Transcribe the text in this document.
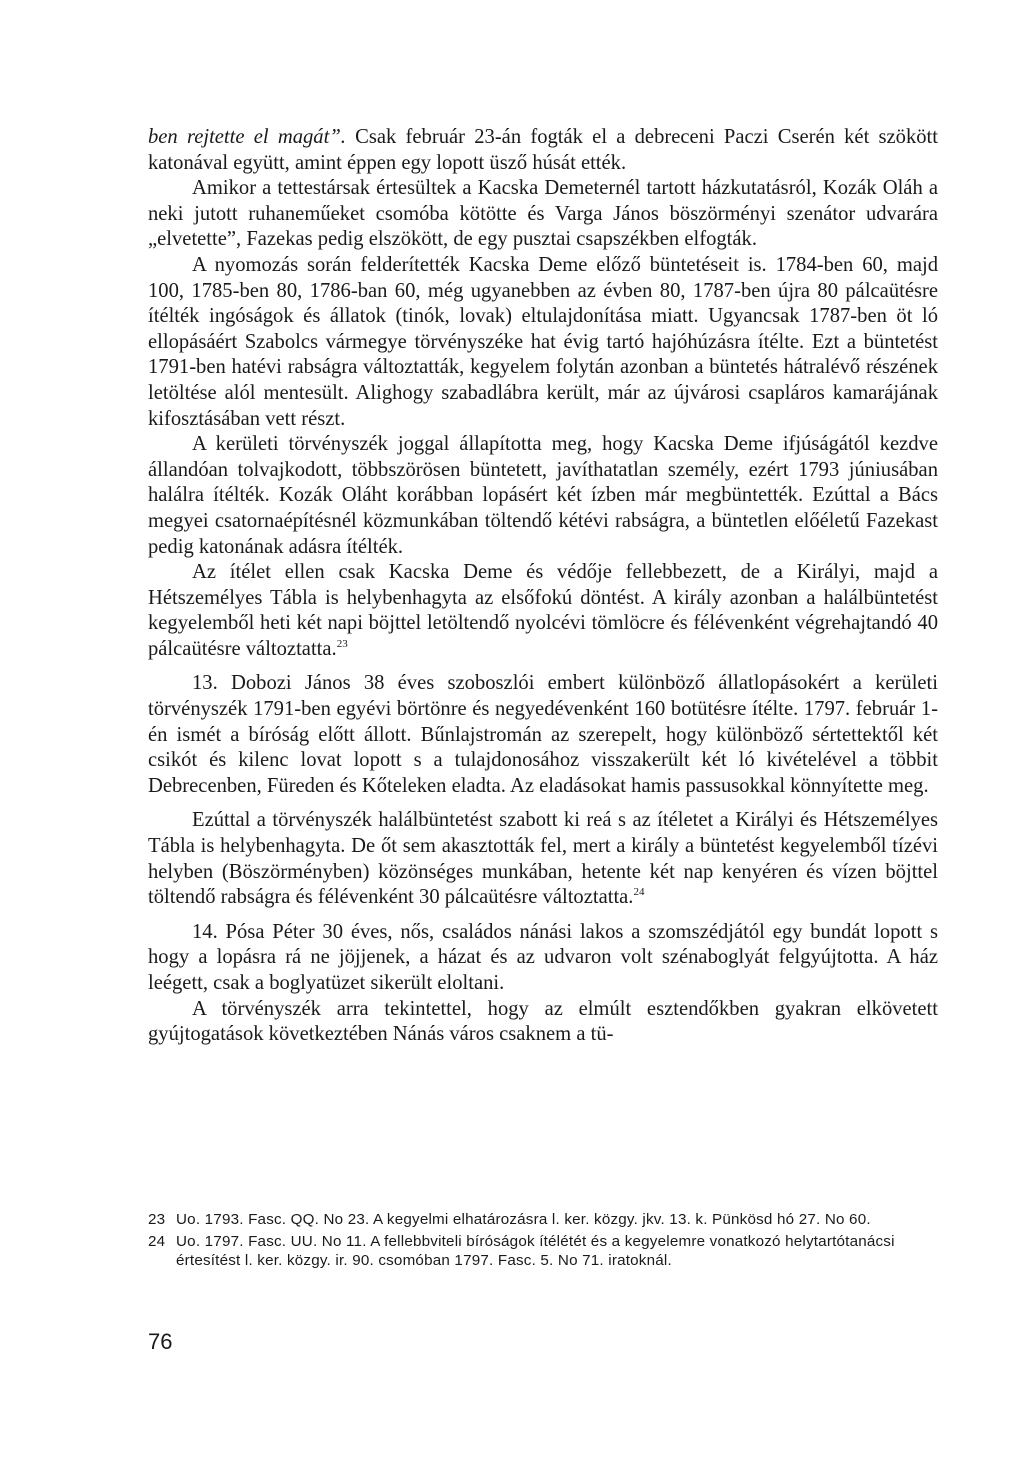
ben rejtette el magát”. Csak február 23-án fogták el a debreceni Paczi Cserén két szökött katonával együtt, amint éppen egy lopott üsző húsát ették.

Amikor a tettestársak értesültek a Kacska Demeternél tartott házkutatásról, Kozák Oláh a neki jutott ruhaneműeket csomóba kötötte és Varga János böszörményi szenátor udvarára „elvetette”, Fazekas pedig elszökött, de egy pusztai csapszékben elfogták.

A nyomozás során felderítették Kacska Deme előző büntetéseit is. 1784-ben 60, majd 100, 1785-ben 80, 1786-ban 60, még ugyanebben az évben 80, 1787-ben újra 80 pálcaütésre ítélték ingóságok és állatok (tinók, lovak) eltulajdonítása miatt. Ugyancsak 1787-ben öt ló ellopásáért Szabolcs vármegye törvényszéke hat évig tartó hajóhúzásra ítélte. Ezt a büntetést 1791-ben hatévi rabságra változtatták, kegyelem folytán azonban a büntetés hátralévő részének letöltése alól mentesült. Alighogy szabadlábra került, már az újvárosi csapláros kamarájának kifosztásában vett részt.

A kerületi törvényszék joggal állapította meg, hogy Kacska Deme ifjúságától kezdve állandóan tolvajkodott, többszörösen büntetett, javíthatatlan személy, ezért 1793 júniusában halálra ítélték. Kozák Oláht korábban lopásért két ízben már megbüntették. Ezúttal a Bács megyei csatornaépítésnél közmunkában töltendő kétévi rabságra, a büntetlen előéletű Fazekast pedig katonának adásra ítélték.

Az ítélet ellen csak Kacska Deme és védője fellebbezett, de a Királyi, majd a Hétszemélyes Tábla is helybenhagyta az elsőfokú döntést. A király azonban a halálbüntetést kegyelemből heti két napi böjttel letöltendő nyolcévi tömlöcre és félévenként végrehajtandó 40 pálcaütésre változtatta.$^{23}$

13. Dobozi János 38 éves szoboszlói embert különböző állatlopásokért a kerületi törvényszék 1791-ben egyévi börtönre és negyedévenként 160 botütésre ítélte. 1797. február 1-én ismét a bíróság előtt állott. Bűnlajstromán az szerepelt, hogy különböző sértettektől két csikót és kilenc lovat lopott s a tulajdonosához visszakerült két ló kivételével a többit Debrecenben, Füreden és Kőteleken eladta. Az eladásokat hamis passusokkal könnyítette meg.

Ezúttal a törvényszék halálbüntetést szabott ki reá s az ítéletet a Királyi és Hétszemélyes Tábla is helybenhagyta. De őt sem akasztották fel, mert a király a büntetést kegyelemből tízévi helyben (Böszörményben) közönséges munkában, hetente két nap kenyéren és vízen böjttel töltendő rabságra és félévenként 30 pálcaütésre változtatta.$^{24}$

14. Pósa Péter 30 éves, nős, családos nánási lakos a szomszédjától egy bundát lopott s hogy a lopásra rá ne jöjjenek, a házat és az udvaron volt szénaboglyát felgyújtotta. A ház leégett, csak a boglyatüzet sikerült eloltani.

A törvényszék arra tekintettel, hogy az elmúlt esztendőkben gyakran elkövetett gyújtogatások következtében Nánás város csaknem a tü-

23 Uo. 1793. Fasc. QQ. No 23. A kegyelmi elhatározásra l. ker. közgy. jkv. 13. k. Pünkösd hó 27. No 60.
24 Uo. 1797. Fasc. UU. No 11. A fellebbviteli bíróságok ítélétét és a kegyelemre vonatkozó helytartótanácsi értesítést l. ker. közgy. ir. 90. csomóban 1797. Fasc. 5. No 71. iratoknál.
76
